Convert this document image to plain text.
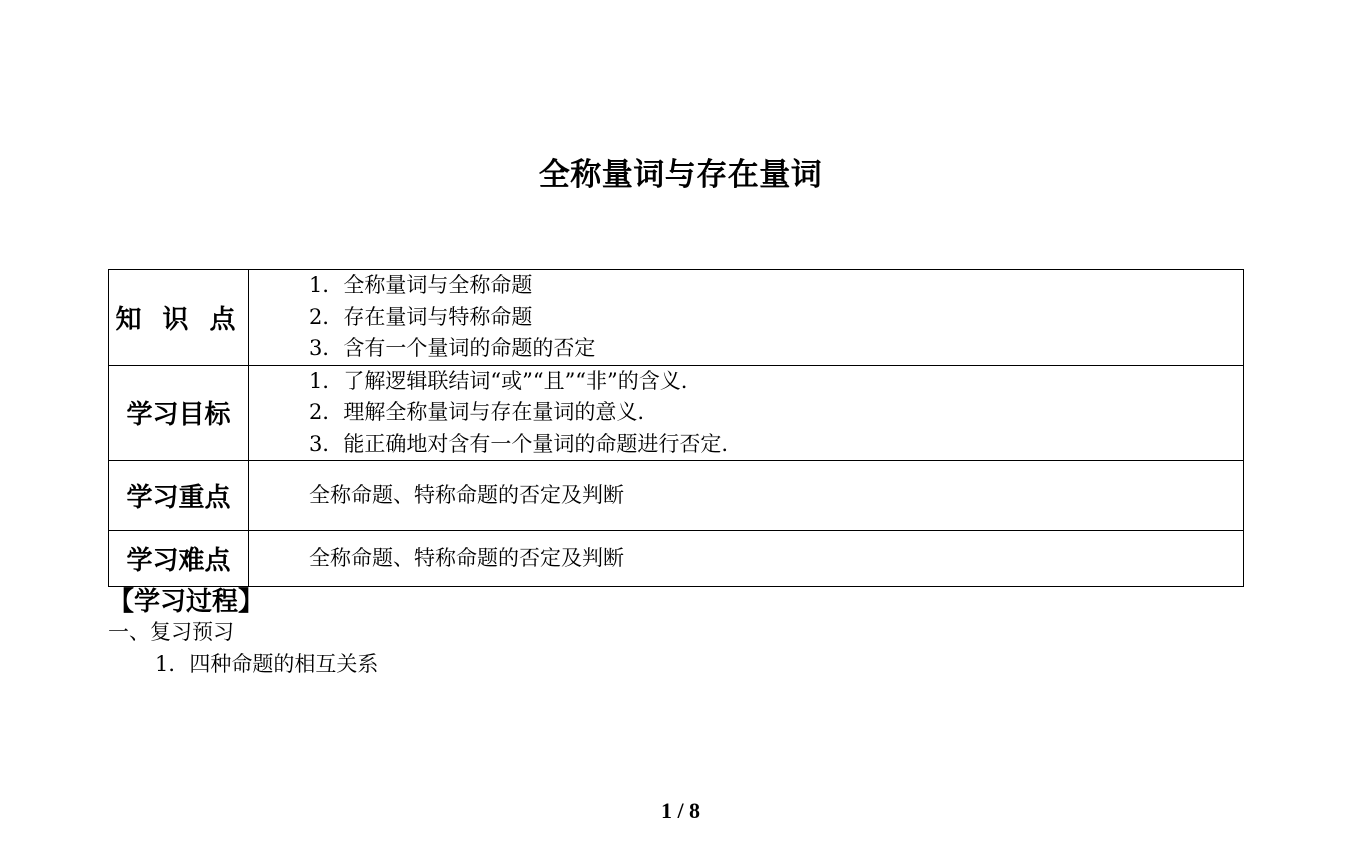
全称量词与存在量词
知 识 点	1．全称量词与全称命题
2．存在量词与特称命题
3．含有一个量词的命题的否定

学习目标	1．了解逻辑联结词“或”“且”“非”的含义.
2．理解全称量词与存在量词的意义.
3．能正确地对含有一个量词的命题进行否定.

学习重点	全称命题、特称命题的否定及判断

学习难点	全称命题、特称命题的否定及判断
【学习过程】
一、复习预习
1．四种命题的相互关系
1 / 8
